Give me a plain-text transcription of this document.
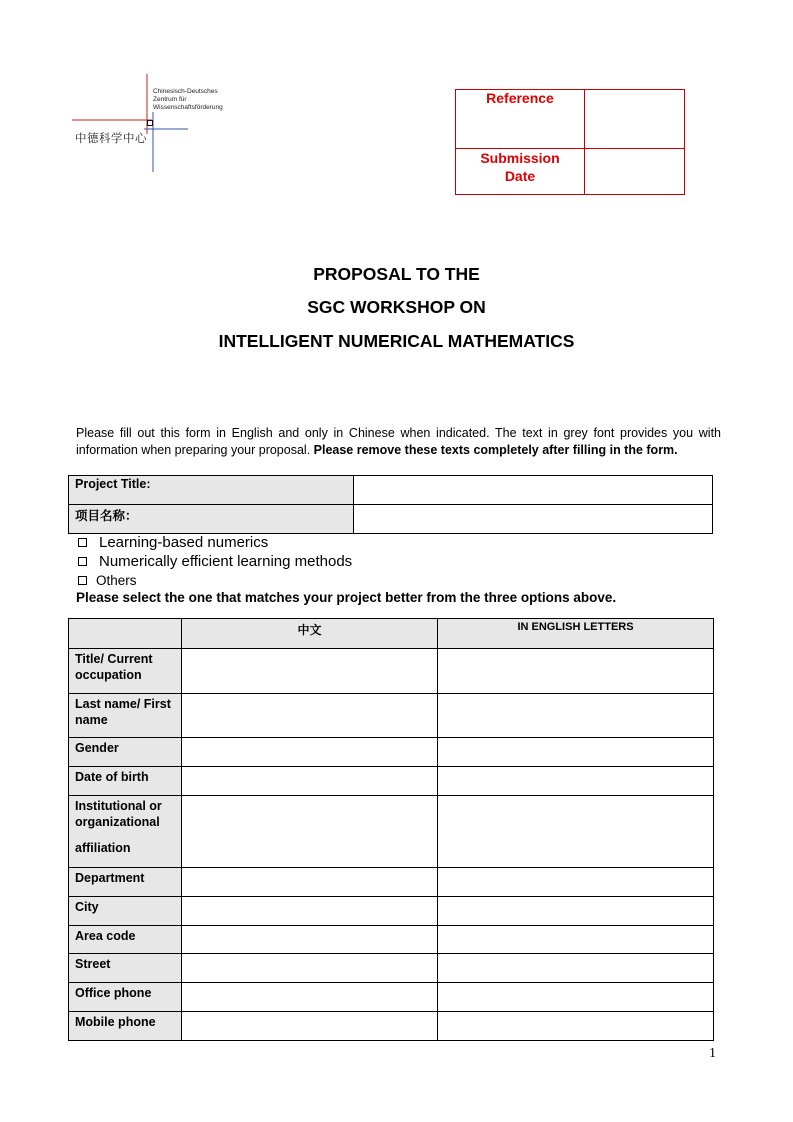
Chinesisch-Deutsches
Zentrum für
Wissenschaftsförderung
中德科学中心
Reference
Submission
Date
PROPOSAL TO THE
SGC WORKSHOP ON
INTELLIGENT NUMERICAL MATHEMATICS
Please fill out this form in English and only in Chinese when indicated. The text in grey font provides you with information when preparing your proposal. Please remove these texts completely after filling in the form.
Project Title:	
项目名称：	
Learning-based numerics
Numerically efficient learning methods
Others
Please select the one that matches your project better from the three options above.
	中文	IN ENGLISH LETTERS
Title/ Current occupation		
Last name/ First name		
Gender		
Date of birth		

Institutional or organizational
affiliation		

Department		
City		
Area code		
Street		
Office phone		
Mobile phone		
1
